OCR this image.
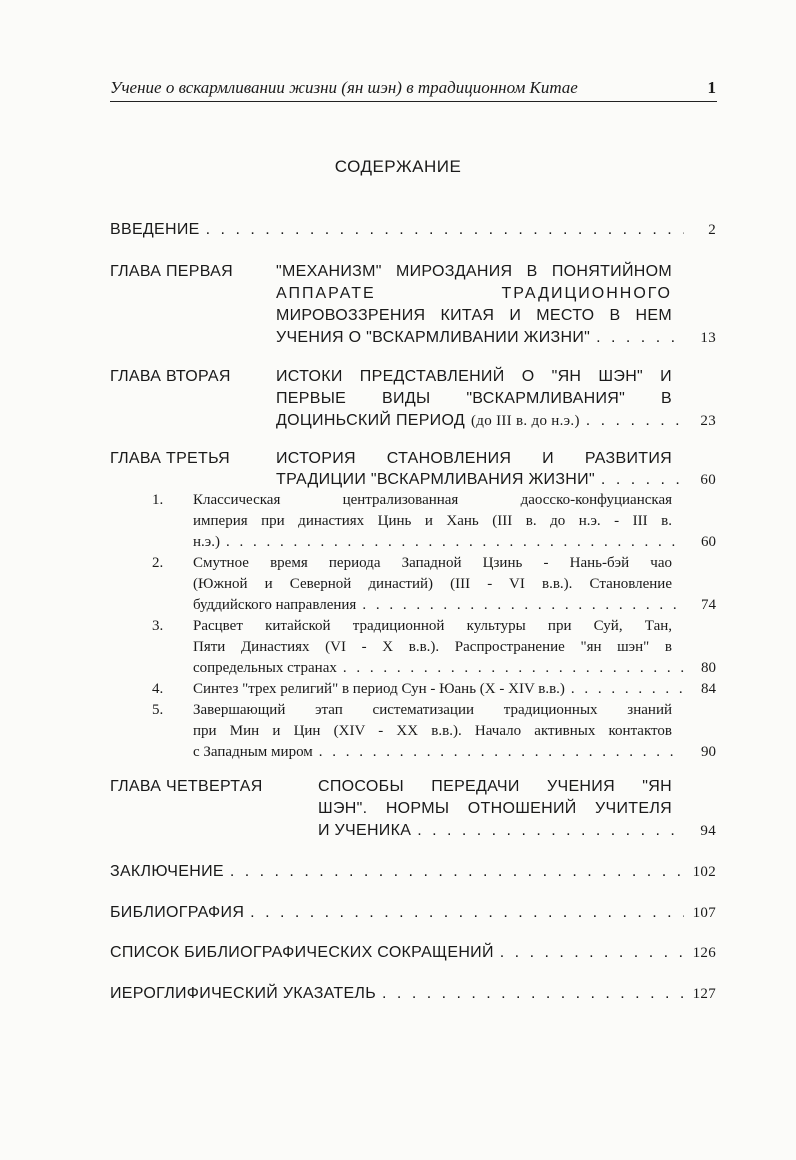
Учение о вскармливании жизни (ян шэн) в традиционном Китае	1
СОДЕРЖАНИЕ
ВВЕДЕНИЕ . . .	2
ГЛАВА ПЕРВАЯ	"МЕХАНИЗМ" МИРОЗДАНИЯ В ПОНЯТИЙНОМ
АППАРАТЕ ТРАДИЦИОННОГО
МИРОВОЗЗРЕНИЯ КИТАЯ И МЕСТО В НЕМ
УЧЕНИЯ О "ВСКАРМЛИВАНИИ ЖИЗНИ" . . .	13
ГЛАВА ВТОРАЯ	ИСТОКИ ПРЕДСТАВЛЕНИЙ О "ЯН ШЭН" И
ПЕРВЫЕ ВИДЫ "ВСКАРМЛИВАНИЯ" В
ДОЦИНЬСКИЙ ПЕРИОД (до III в. до н.э.) . . .	23
ГЛАВА ТРЕТЬЯ	ИСТОРИЯ СТАНОВЛЕНИЯ И РАЗВИТИЯ
ТРАДИЦИИ "ВСКАРМЛИВАНИЯ ЖИЗНИ" . . .	60
1. Классическая централизованная даосско-конфуцианская
империя при династиях Цинь и Хань (III в. до н.э. - III в.
н.э.) . . .	60
2. Смутное время периода Западной Цзинь - Нань-бэй чао
(Южной и Северной династий) (III - VI в.в.). Становление
буддийского направления . . .	74
3. Расцвет китайской традиционной культуры при Суй, Тан,
Пяти Династиях (VI - X в.в.). Распространение "ян шэн" в
сопредельных странах . . .	80
4. Синтез "трех религий" в период Сун - Юань (X - XIV в.в.) . . .	84
5. Завершающий этап систематизации традиционных знаний
при Мин и Цин (XIV - XX в.в.). Начало активных контактов
с Западным миром . . .	90
ГЛАВА ЧЕТВЕРТАЯ	СПОСОБЫ ПЕРЕДАЧИ УЧЕНИЯ "ЯН
ШЭН". НОРМЫ ОТНОШЕНИЙ УЧИТЕЛЯ
И УЧЕНИКА . . .	94
ЗАКЛЮЧЕНИЕ . . .	102
БИБЛИОГРАФИЯ . . .	107
СПИСОК БИБЛИОГРАФИЧЕСКИХ СОКРАЩЕНИЙ . . .	126
ИЕРОГЛИФИЧЕСКИЙ УКАЗАТЕЛЬ . . .	127
